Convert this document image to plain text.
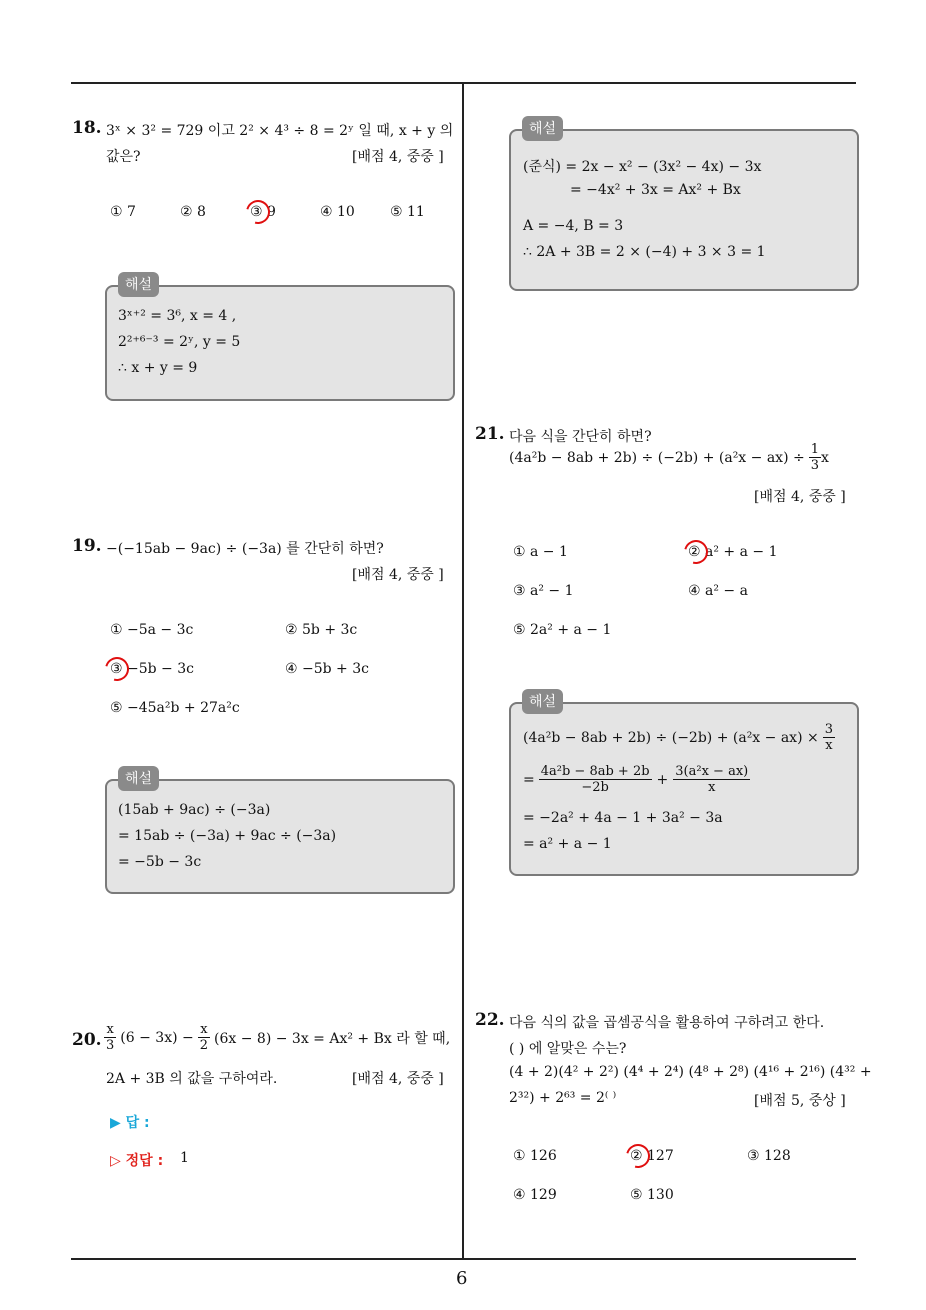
18. 3ˣ × 3² = 729 이고 2² × 4³ ÷ 8 = 2ʸ 일 때, x + y 의
값은?	[배점 4, 중중 ]
① 7	② 8	③ 9	④ 10	⑤ 11
해설
3ˣ⁺² = 3⁶, x = 4 ,
2²⁺⁶⁻³ = 2ʸ, y = 5
∴ x + y = 9
19. −(−15ab − 9ac) ÷ (−3a) 를 간단히 하면?
[배점 4, 중중 ]
① −5a − 3c	② 5b + 3c
③ −5b − 3c	④ −5b + 3c
⑤ −45a²b + 27a²c
해설
(15ab + 9ac) ÷ (−3a)
= 15ab ÷ (−3a) + 9ac ÷ (−3a)
= −5b − 3c
20. $\frac{x}{3} (6 - 3x) - \frac{x}{2} (6x - 8) - 3x = Ax^2 + Bx$ 라 할 때,
2A + 3B 의 값을 구하여라.	[배점 4, 중중 ]
▶ 답 :
▷ 정답 : 1
해설
(준식) = 2x − x² − (3x² − 4x) − 3x
= −4x² + 3x = Ax² + Bx
A = −4, B = 3
∴ 2A + 3B = 2 × (−4) + 3 × 3 = 1
21. 다음 식을 간단히 하면?
$(4a^2b - 8ab + 2b) \div (-2b) + (a^2x - ax) \div \frac{1}{3}$ x
[배점 4, 중중 ]
① a − 1	② a² + a − 1
③ a² − 1	④ a² − a
⑤ 2a² + a − 1
해설
$(4a^2b - 8ab + 2b) \div (-2b) + (a^2x - ax) \times \frac{3}{x}$
= $\frac{\text{4a²b − 8ab + 2b}}{-2b} + \frac{\text{3(a²x − ax)}}{x}$
= −2a² + 4a − 1 + 3a² − 3a
= a² + a − 1
22. 다음 식의 값을 곱셈공식을 활용하여 구하려고 한다.
( ) 에 알맞은 수는?
(4 + 2)(4² + 2²) (4⁴ + 2⁴) (4⁸ + 2⁸) (4¹⁶ + 2¹⁶) (4³² +
2³²) + 2⁶³ = 2⁽ ⁾	[배점 5, 중상 ]
① 126	② 127	③ 128
④ 129	⑤ 130
6
